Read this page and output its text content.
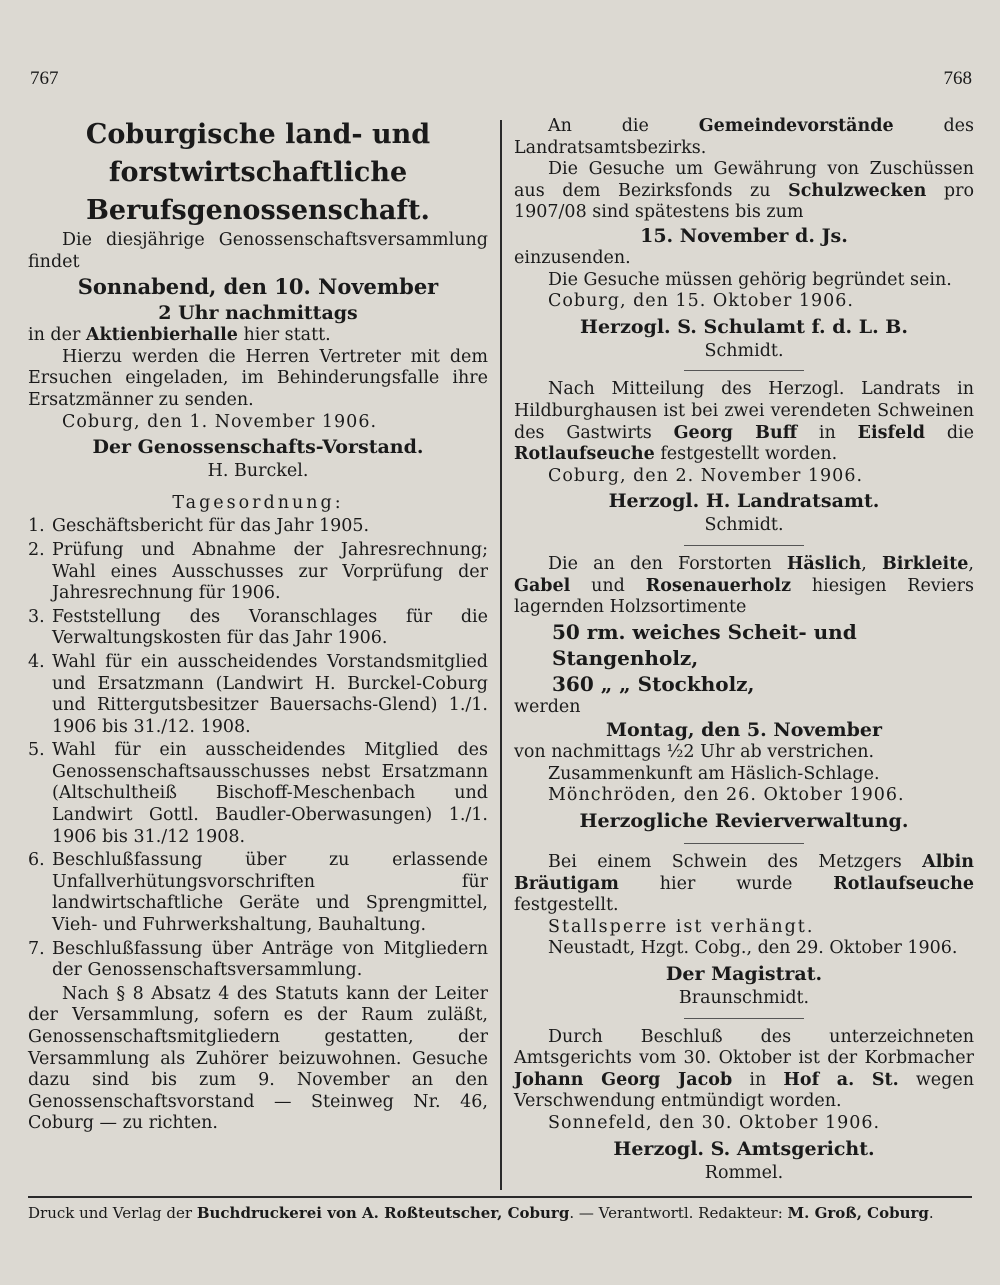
767	768
Coburgische land- und forstwirtschaftliche Berufsgenossenschaft.

Die diesjährige Genossenschaftsversammlung findet

Sonnabend, den 10. November
2 Uhr nachmittags

in der Aktienbierhalle hier statt.

Hierzu werden die Herren Vertreter mit dem Ersuchen eingeladen, im Behinderungsfalle ihre Ersatzmänner zu senden.

Coburg, den 1. November 1906.

Der Genossenschafts-Vorstand.
H. Burckel.
Tagesordnung:
1. Geschäftsbericht für das Jahr 1905.
2. Prüfung und Abnahme der Jahresrechnung; Wahl eines Ausschusses zur Vorprüfung der Jahresrechnung für 1906.
3. Feststellung des Voranschlages für die Verwaltungskosten für das Jahr 1906.
4. Wahl für ein ausscheidendes Vorstandsmitglied und Ersatzmann (Landwirt H. Burckel-Coburg und Rittergutsbesitzer Bauersachs-Glend) 1./1. 1906 bis 31./12. 1908.
5. Wahl für ein ausscheidendes Mitglied des Genossenschaftsausschusses nebst Ersatzmann (Altschultheiß Bischoff-Meschenbach und Landwirt Gottl. Baudler-Oberwasungen) 1./1. 1906 bis 31./12 1908.
6. Beschlußfassung über zu erlassende Unfallverhütungsvorschriften für landwirtschaftliche Geräte und Sprengmittel, Vieh- und Fuhrwerkshaltung, Bauhaltung.
7. Beschlußfassung über Anträge von Mitgliedern der Genossenschaftsversammlung.

Nach § 8 Absatz 4 des Statuts kann der Leiter der Versammlung, sofern es der Raum zuläßt, Genossenschaftsmitgliedern gestatten, der Versammlung als Zuhörer beizuwohnen. Gesuche dazu sind bis zum 9. November an den Genossenschaftsvorstand — Steinweg Nr. 46, Coburg — zu richten.

An die Gemeindevorstände des Landratsamtsbezirks.

Die Gesuche um Gewährung von Zuschüssen aus dem Bezirksfonds zu Schulzwecken pro 1907/08 sind spätestens bis zum

15. November d. Js.

einzusenden.

Die Gesuche müssen gehörig begründet sein.

Coburg, den 15. Oktober 1906.

Herzogl. S. Schulamt f. d. L. B.
Schmidt.

Nach Mitteilung des Herzogl. Landrats in Hildburghausen ist bei zwei verendeten Schweinen des Gastwirts Georg Buff in Eisfeld die Rotlaufseuche festgestellt worden.

Coburg, den 2. November 1906.

Herzogl. H. Landratsamt.
Schmidt.

Die an den Forstorten Häslich, Birkleite, Gabel und Rosenauerholz hiesigen Reviers lagernden Holzsortimente

50 rm. weiches Scheit- und Stangenholz,
360 „ „ Stockholz,

werden

Montag, den 5. November

von nachmittags ½2 Uhr ab verstrichen.

Zusammenkunft am Häslich-Schlage.

Mönchröden, den 26. Oktober 1906.

Herzogliche Revierverwaltung.

Bei einem Schwein des Metzgers Albin Bräutigam hier wurde Rotlaufseuche festgestellt.

Stallsperre ist verhängt.

Neustadt, Hzgt. Cobg., den 29. Oktober 1906.

Der Magistrat.
Braunschmidt.

Durch Beschluß des unterzeichneten Amtsgerichts vom 30. Oktober ist der Korbmacher Johann Georg Jacob in Hof a. St. wegen Verschwendung entmündigt worden.

Sonnefeld, den 30. Oktober 1906.

Herzogl. S. Amtsgericht.
Rommel.
Druck und Verlag der Buchdruckerei von A. Roßteutscher, Coburg. — Verantwortl. Redakteur: M. Groß, Coburg.
